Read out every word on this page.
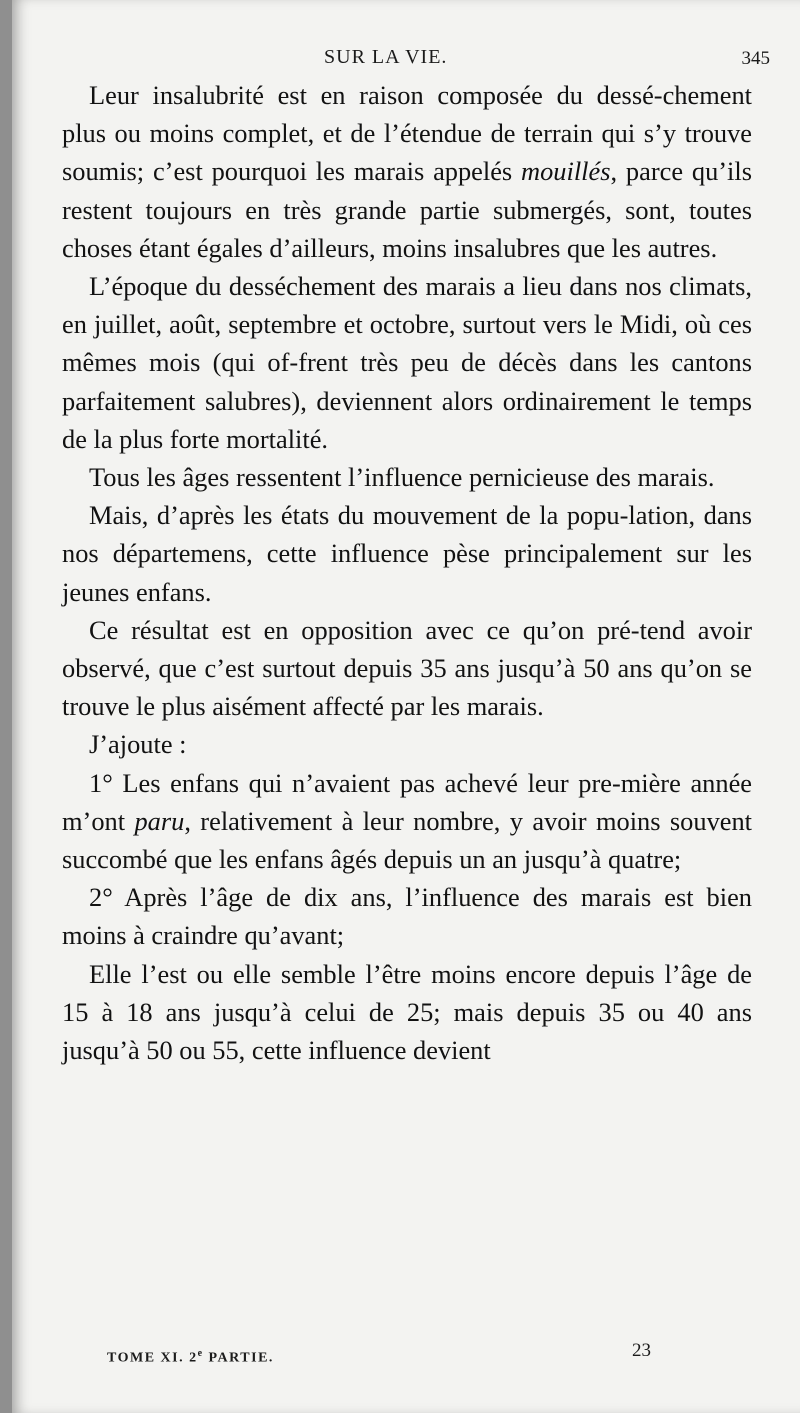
SUR LA VIE.	345

Leur insalubrité est en raison composée du dessé-chement plus ou moins complet, et de l’étendue de terrain qui s’y trouve soumis; c’est pourquoi les marais appelés mouillés, parce qu’ils restent toujours en très grande partie submergés, sont, toutes choses étant égales d’ailleurs, moins insalubres que les autres.

L’époque du desséchement des marais a lieu dans nos climats, en juillet, août, septembre et octobre, surtout vers le Midi, où ces mêmes mois (qui of-frent très peu de décès dans les cantons parfaitement salubres), deviennent alors ordinairement le temps de la plus forte mortalité.

Tous les âges ressentent l’influence pernicieuse des marais.

Mais, d’après les états du mouvement de la popu-lation, dans nos départemens, cette influence pèse principalement sur les jeunes enfans.

Ce résultat est en opposition avec ce qu’on pré-tend avoir observé, que c’est surtout depuis 35 ans jusqu’à 50 ans qu’on se trouve le plus aisément affecté par les marais.

J’ajoute :

1° Les enfans qui n’avaient pas achevé leur pre-mière année m’ont paru, relativement à leur nombre, y avoir moins souvent succombé que les enfans âgés depuis un an jusqu’à quatre;

2° Après l’âge de dix ans, l’influence des marais est bien moins à craindre qu’avant;

Elle l’est ou elle semble l’être moins encore depuis l’âge de 15 à 18 ans jusqu’à celui de 25; mais depuis 35 ou 40 ans jusqu’à 50 ou 55, cette influence devient

TOME XI. 2e PARTIE.	23
